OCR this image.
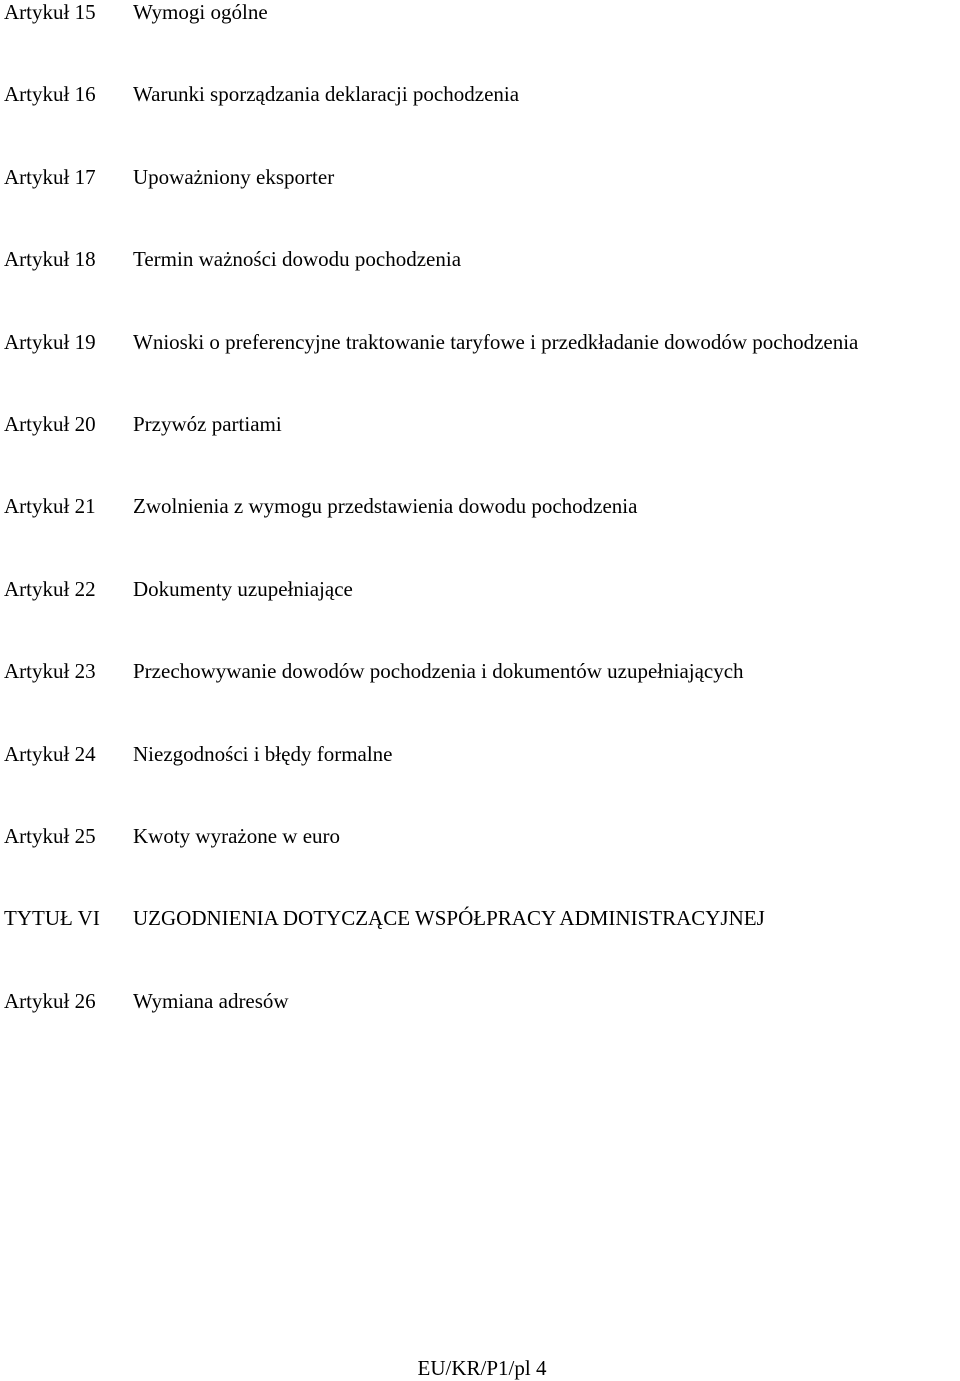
Artykuł 15	Wymogi ogólne
Artykuł 16	Warunki sporządzania deklaracji pochodzenia
Artykuł 17	Upoważniony eksporter
Artykuł 18	Termin ważności dowodu pochodzenia
Artykuł 19	Wnioski o preferencyjne traktowanie taryfowe i przedkładanie dowodów pochodzenia
Artykuł 20	Przywóz partiami
Artykuł 21	Zwolnienia z wymogu przedstawienia dowodu pochodzenia
Artykuł 22	Dokumenty uzupełniające
Artykuł 23	Przechowywanie dowodów pochodzenia i dokumentów uzupełniających
Artykuł 24	Niezgodności i błędy formalne
Artykuł 25	Kwoty wyrażone w euro
TYTUŁ VI	UZGODNIENIA DOTYCZĄCE WSPÓŁPRACY ADMINISTRACYJNEJ
Artykuł 26	Wymiana adresów
EU/KR/P1/pl 4
